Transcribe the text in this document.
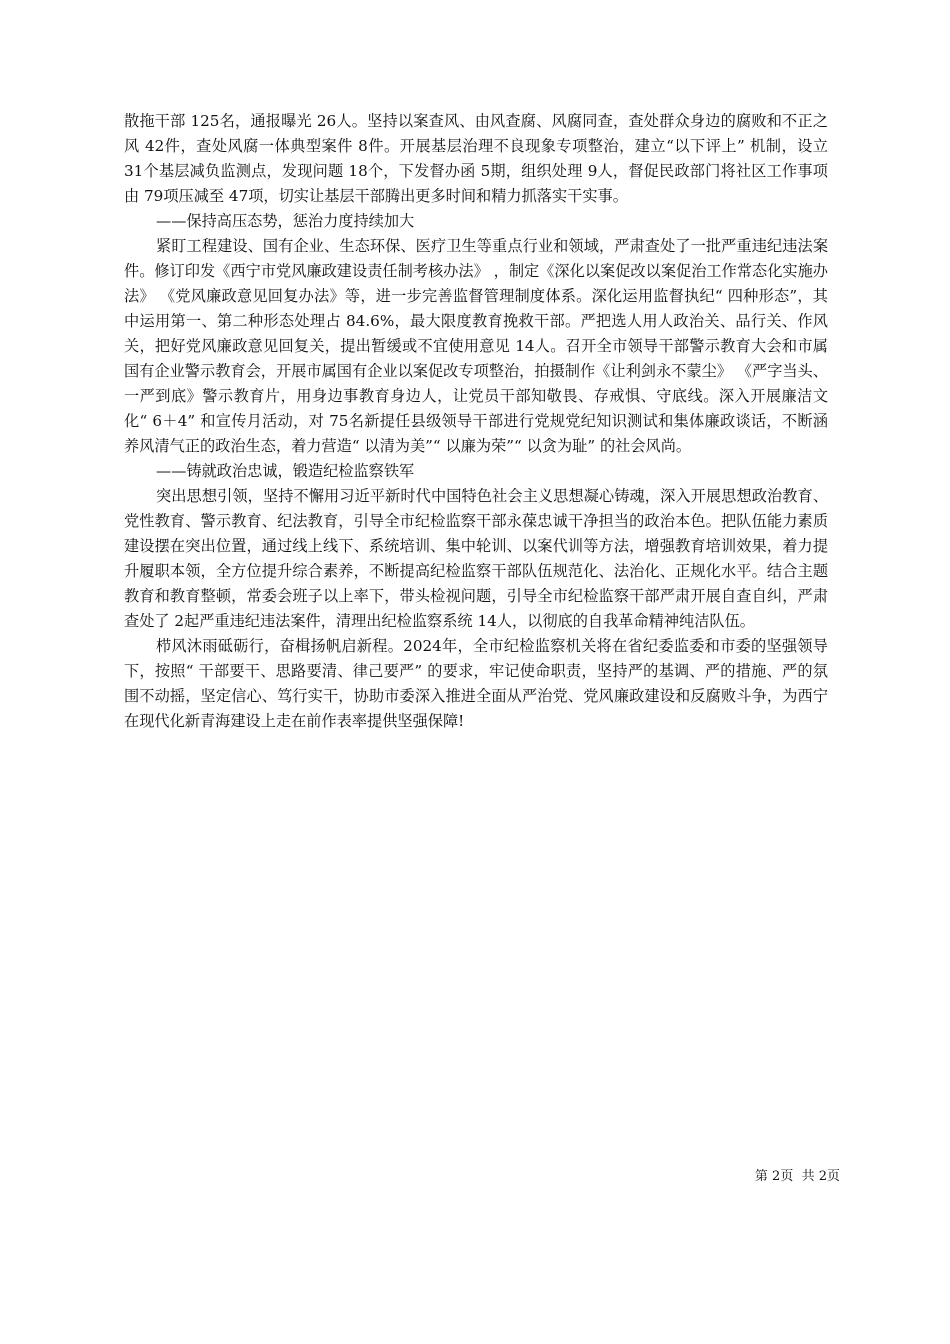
散拖干部 125名，通报曝光 26人。坚持以案查风、由风查腐、风腐同查，查处群众身边的腐败和不正之风 42件，查处风腐一体典型案件 8件。开展基层治理不良现象专项整治，建立“以下评上” 机制，设立 31个基层减负监测点，发现问题 18个，下发督办函 5期，组织处理 9人，督促民政部门将社区工作事项由 79项压减至 47项，切实让基层干部腾出更多时间和精力抓落实干实事。

——保持高压态势，惩治力度持续加大

紧盯工程建设、国有企业、生态环保、医疗卫生等重点行业和领域，严肃查处了一批严重违纪违法案件。修订印发《西宁市党风廉政建设责任制考核办法》 ，制定《深化以案促改以案促治工作常态化实施办法》 《党风廉政意见回复办法》等，进一步完善监督管理制度体系。深化运用监督执纪“ 四种形态”，其中运用第一、第二种形态处理占 84.6%，最大限度教育挽救干部。严把选人用人政治关、品行关、作风关，把好党风廉政意见回复关，提出暂缓或不宜使用意见 14人。召开全市领导干部警示教育大会和市属国有企业警示教育会，开展市属国有企业以案促改专项整治，拍摄制作《让利剑永不蒙尘》 《严字当头、一严到底》警示教育片，用身边事教育身边人，让党员干部知敬畏、存戒惧、守底线。深入开展廉洁文化“ 6＋4” 和宣传月活动，对 75名新提任县级领导干部进行党规党纪知识测试和集体廉政谈话，不断涵养风清气正的政治生态，着力营造“ 以清为美”“ 以廉为荣”“ 以贪为耻” 的社会风尚。

——铸就政治忠诚，锻造纪检监察铁军

突出思想引领，坚持不懈用习近平新时代中国特色社会主义思想凝心铸魂，深入开展思想政治教育、党性教育、警示教育、纪法教育，引导全市纪检监察干部永葆忠诚干净担当的政治本色。把队伍能力素质建设摆在突出位置，通过线上线下、系统培训、集中轮训、以案代训等方法，增强教育培训效果，着力提升履职本领，全方位提升综合素养，不断提高纪检监察干部队伍规范化、法治化、正规化水平。结合主题教育和教育整顿，常委会班子以上率下，带头检视问题，引导全市纪检监察干部严肃开展自查自纠，严肃查处了 2起严重违纪违法案件，清理出纪检监察系统 14人，以彻底的自我革命精神纯洁队伍。

栉风沐雨砥砺行，奋楫扬帆启新程。2024年，全市纪检监察机关将在省纪委监委和市委的坚强领导下，按照“ 干部要干、思路要清、律己要严” 的要求，牢记使命职责，坚持严的基调、严的措施、严的氛围不动摇，坚定信心、笃行实干，协助市委深入推进全面从严治党、党风廉政建设和反腐败斗争，为西宁在现代化新青海建设上走在前作表率提供坚强保障!

第 2页  共 2页
